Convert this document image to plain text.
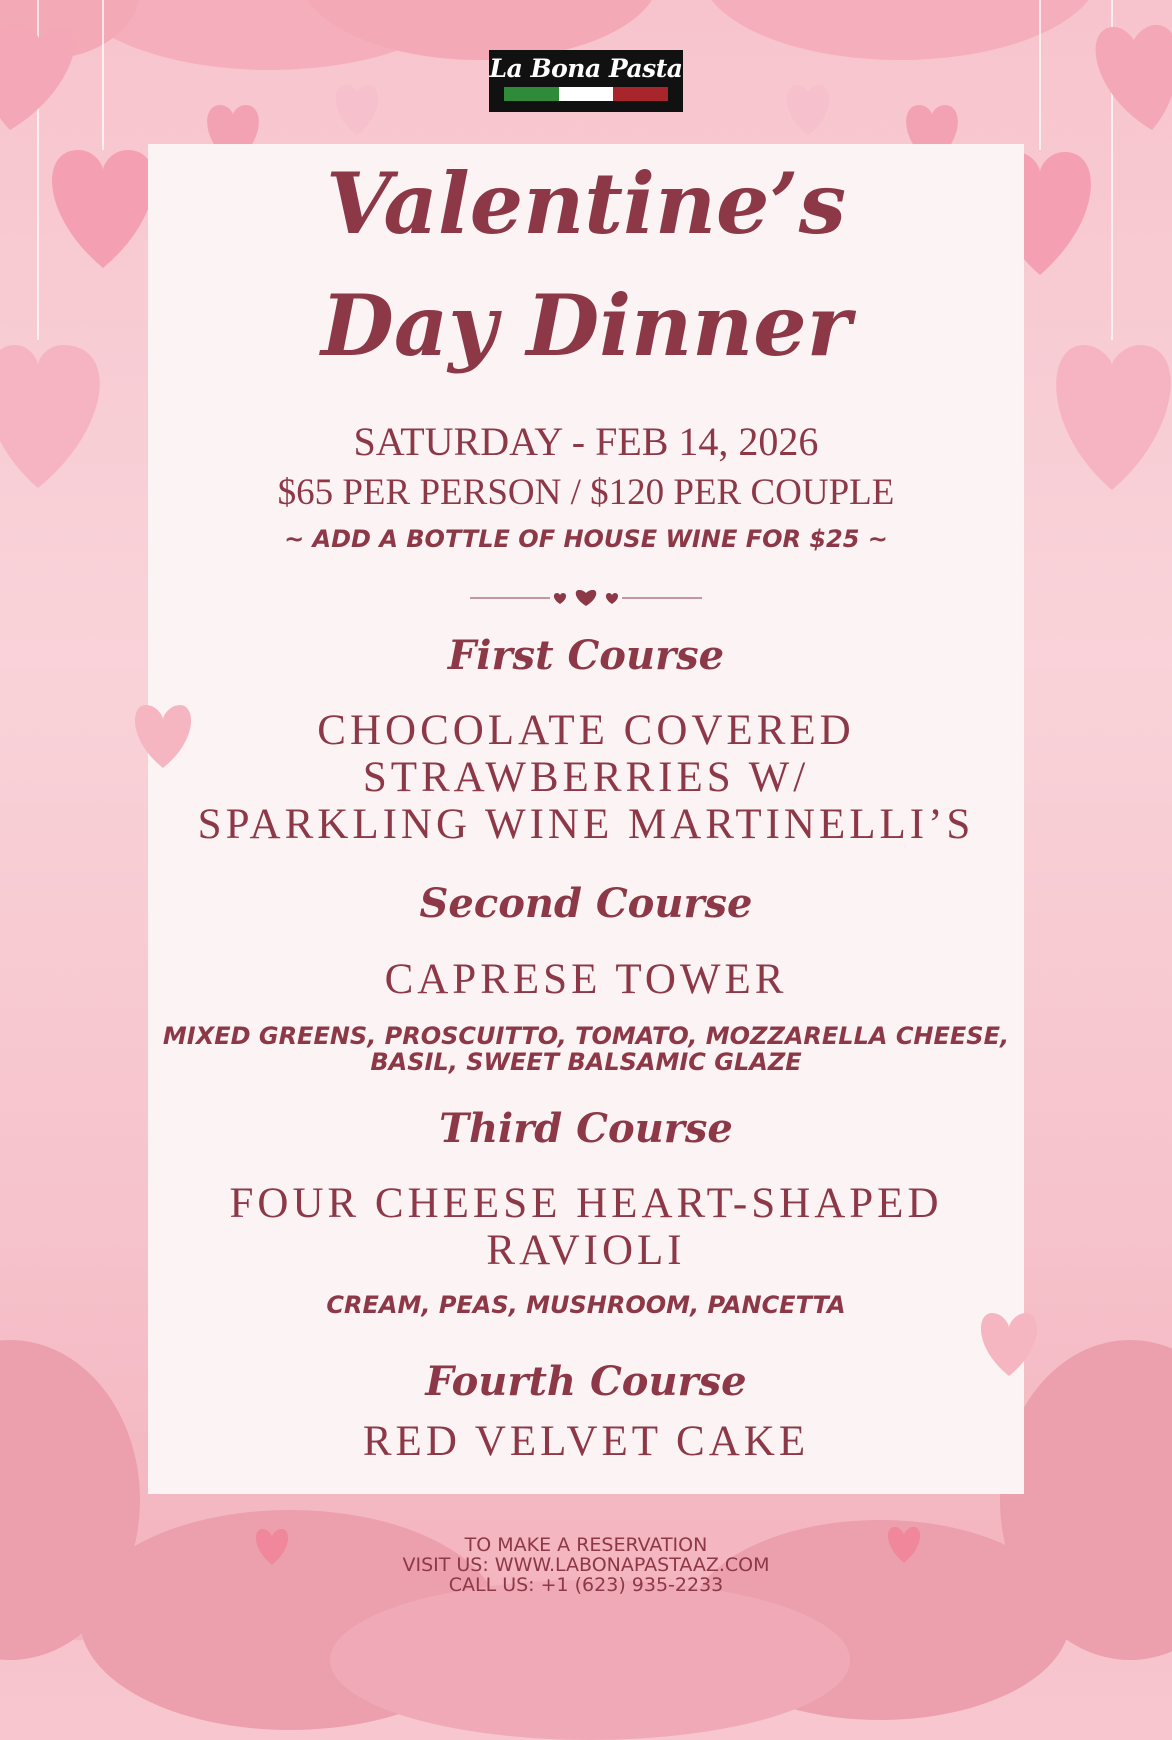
La Bona Pasta
Valentine’s
Day Dinner
SATURDAY - FEB 14, 2026
$65 PER PERSON / $120 PER COUPLE
~ ADD A BOTTLE OF HOUSE WINE FOR $25 ~
First Course
CHOCOLATE COVERED
STRAWBERRIES W/
SPARKLING WINE MARTINELLI’S
Second Course
CAPRESE TOWER
MIXED GREENS, PROSCUITTO, TOMATO, MOZZARELLA CHEESE,
BASIL, SWEET BALSAMIC GLAZE
Third Course
FOUR CHEESE HEART-SHAPED
RAVIOLI
CREAM, PEAS, MUSHROOM, PANCETTA
Fourth Course
RED VELVET CAKE
TO MAKE A RESERVATION
VISIT US: WWW.LABONAPASTAAZ.COM
CALL US: +1 (623) 935-2233
